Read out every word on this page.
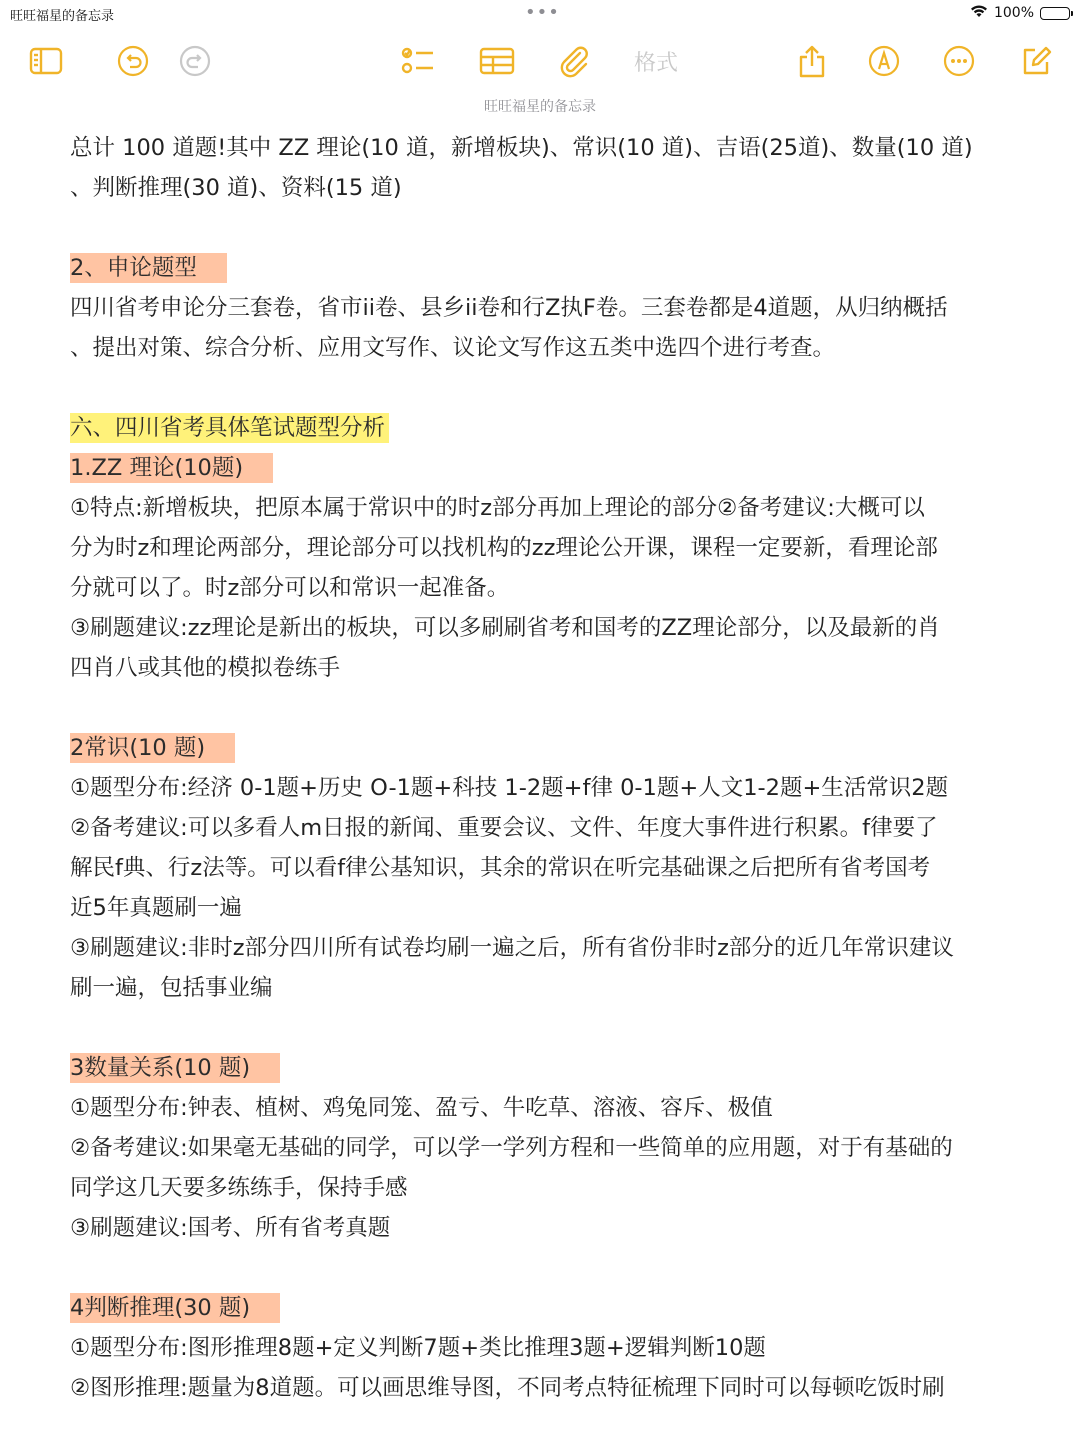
旺旺福星的备忘录	•••	100%
格式
旺旺福星的备忘录
总计 100 道题!其中 ZZ 理论(10 道，新增板块)、常识(10 道)、吉语(25道)、数量(10 道)
、判断推理(30 道)、资料(15 道)
2、申论题型
四川省考申论分三套卷，省市ii卷、县乡ii卷和行Z执F卷。三套卷都是4道题，从归纳概括
、提出对策、综合分析、应用文写作、议论文写作这五类中选四个进行考查。
六、四川省考具体笔试题型分析
1.ZZ 理论(10题)
①特点:新增板块，把原本属于常识中的时z部分再加上理论的部分②备考建议:大概可以
分为时z和理论两部分，理论部分可以找机构的zz理论公开课，课程一定要新，看理论部
分就可以了。时z部分可以和常识一起准备。
③刷题建议:zz理论是新出的板块，可以多刷刷省考和国考的ZZ理论部分，以及最新的肖
四肖八或其他的模拟卷练手
2常识(10 题)
①题型分布:经济 0-1题+历史 O-1题+科技 1-2题+f律 0-1题+人文1-2题+生活常识2题
②备考建议:可以多看人m日报的新闻、重要会议、文件、年度大事件进行积累。f律要了
解民f典、行z法等。可以看f律公基知识，其余的常识在听完基础课之后把所有省考国考
近5年真题刷一遍
③刷题建议:非时z部分四川所有试卷均刷一遍之后，所有省份非时z部分的近几年常识建议
刷一遍，包括事业编
3数量关系(10 题)
①题型分布:钟表、植树、鸡兔同笼、盈亏、牛吃草、溶液、容斥、极值
②备考建议:如果毫无基础的同学，可以学一学列方程和一些简单的应用题，对于有基础的
同学这几天要多练练手，保持手感
③刷题建议:国考、所有省考真题
4判断推理(30 题)
①题型分布:图形推理8题+定义判断7题+类比推理3题+逻辑判断10题
②图形推理:题量为8道题。可以画思维导图，不同考点特征梳理下同时可以每顿吃饭时刷
